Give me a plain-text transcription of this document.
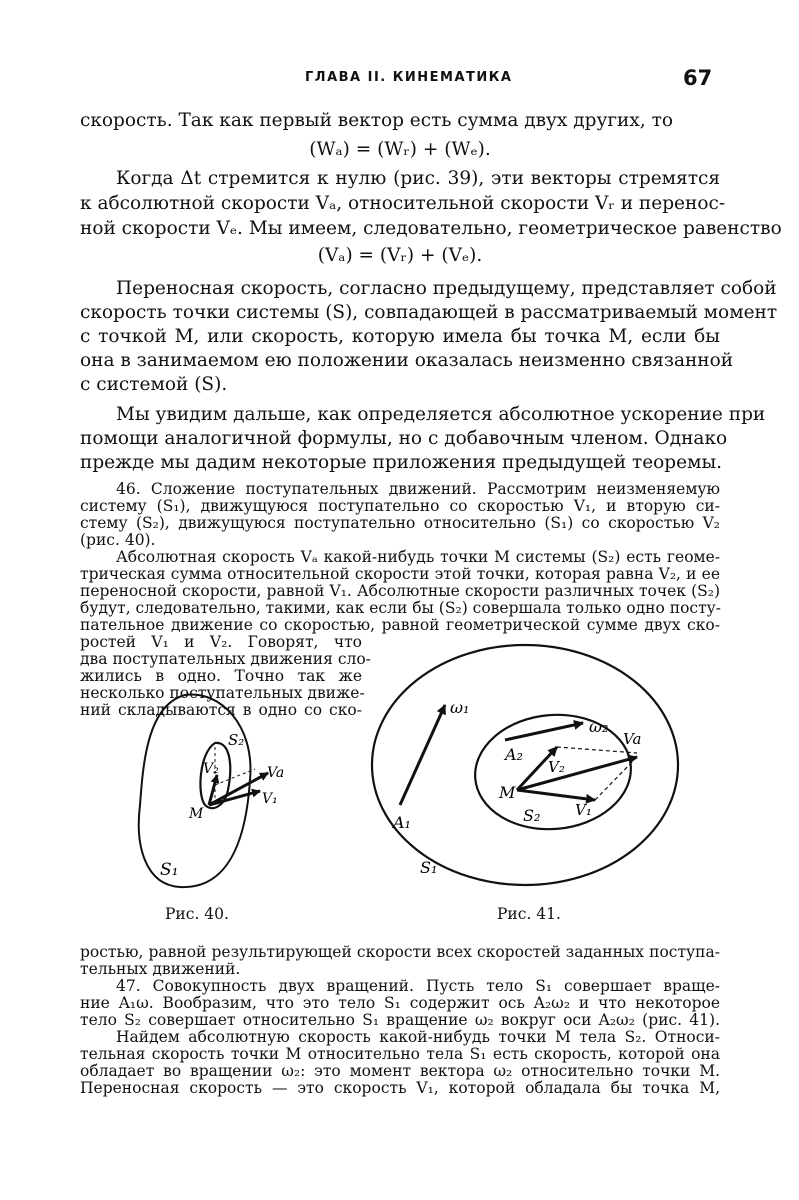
ГЛАВА II. КИНЕМАТИКА	67
скорость. Так как первый вектор есть сумма двух других, то
(Wₐ) = (Wᵣ) + (Wₑ).
Когда Δt стремится к нулю (рис. 39), эти векторы стремятся
к абсолютной скорости Vₐ, относительной скорости Vᵣ и перенос-
ной скорости Vₑ. Мы имеем, следовательно, геометрическое равенство
(Vₐ) = (Vᵣ) + (Vₑ).
Переносная скорость, согласно предыдущему, представляет собой
скорость точки системы (S), совпадающей в рассматриваемый момент
с точкой M, или скорость, которую имела бы точка M, если бы
она в занимаемом ею положении оказалась неизменно связанной
с системой (S).
Мы увидим дальше, как определяется абсолютное ускорение при
помощи аналогичной формулы, но с добавочным членом. Однако
прежде мы дадим некоторые приложения предыдущей теоремы.
46. Сложение поступательных движений. Рассмотрим неизменяемую
систему (S₁), движущуюся поступательно со скоростью V₁, и вторую си-
стему (S₂), движущуюся поступательно относительно (S₁) со скоростью V₂
(рис. 40).
Абсолютная скорость Vₐ какой-нибудь точки M системы (S₂) есть геоме-
трическая сумма относительной скорости этой точки, которая равна V₂, и ее
переносной скорости, равной V₁. Абсолютные скорости различных точек (S₂)
будут, следовательно, такими, как если бы (S₂) совершала только одно посту-
пательное движение со скоростью, равной геометрической сумме двух ско-
ростей V₁ и V₂. Говорят, что
два поступательных движения сло-
жились в одно. Точно так же
несколько поступательных движе-
ний складываются в одно со ско-
ростью, равной результирующей скорости всех скоростей заданных поступа-
тельных движений.
47. Совокупность двух вращений. Пусть тело S₁ совершает враще-
ние A₁ω. Вообразим, что это тело S₁ содержит ось A₂ω₂ и что некоторое
тело S₂ совершает относительно S₁ вращение ω₂ вокруг оси A₂ω₂ (рис. 41).
Найдем абсолютную скорость какой-нибудь точки M тела S₂. Относи-
тельная скорость точки M относительно тела S₁ есть скорость, которой она
обладает во вращении ω₂: это момент вектора ω₂ относительно точки M.
Переносная скорость — это скорость V₁, которой обладала бы точка M,
S₂
V₂	Va
V₁
M
S₁
Рис. 40.
ω₁
A₁
S₁
ω₂
A₂
V₂
Va
M
S₂ V₁
Рис. 41.
